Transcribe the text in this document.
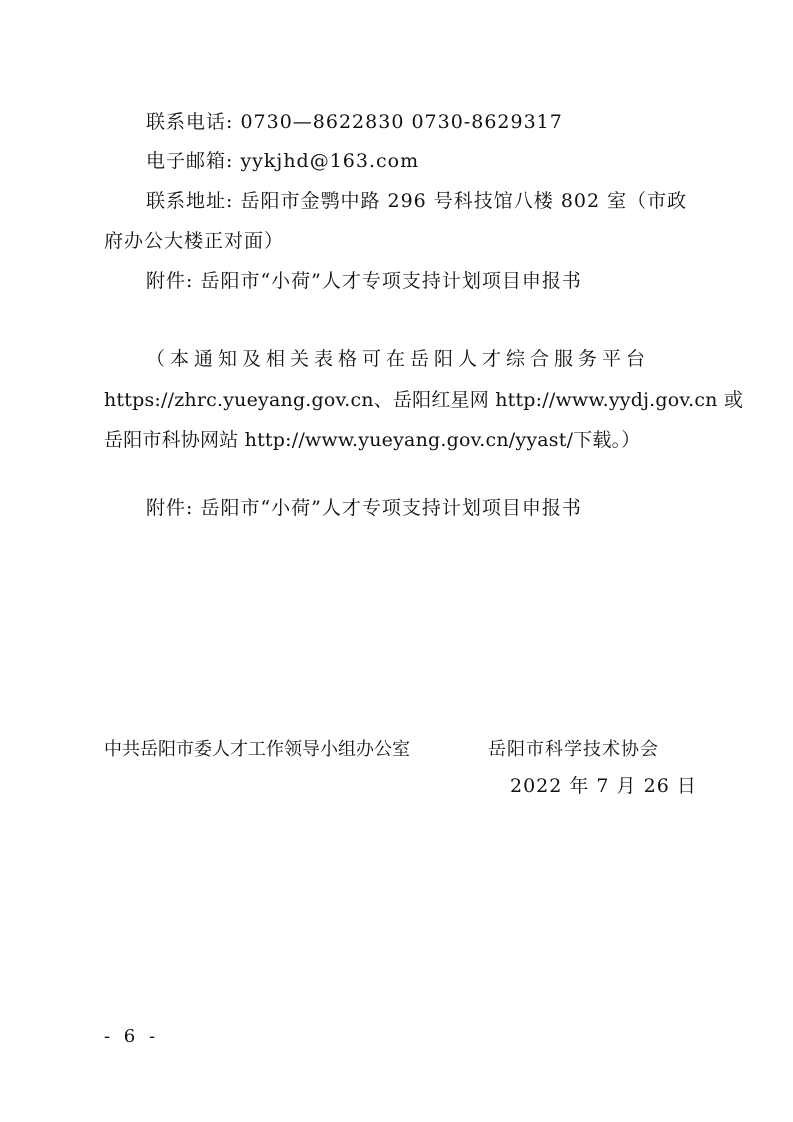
联系电话: 0730—8622830 0730-8629317
电子邮箱: yykjhd@163.com
联系地址: 岳阳市金鹗中路 296 号科技馆八楼 802 室（市政
府办公大楼正对面）
附件: 岳阳市“小荷”人才专项支持计划项目申报书
（本通知及相关表格可在岳阳人才综合服务平台
https://zhrc.yueyang.gov.cn、岳阳红星网 http://www.yydj.gov.cn 或
岳阳市科协网站 http://www.yueyang.gov.cn/yyast/下载。）
附件: 岳阳市“小荷”人才专项支持计划项目申报书
中共岳阳市委人才工作领导小组办公室	岳阳市科学技术协会
2022 年 7 月 26 日
- 6 -
